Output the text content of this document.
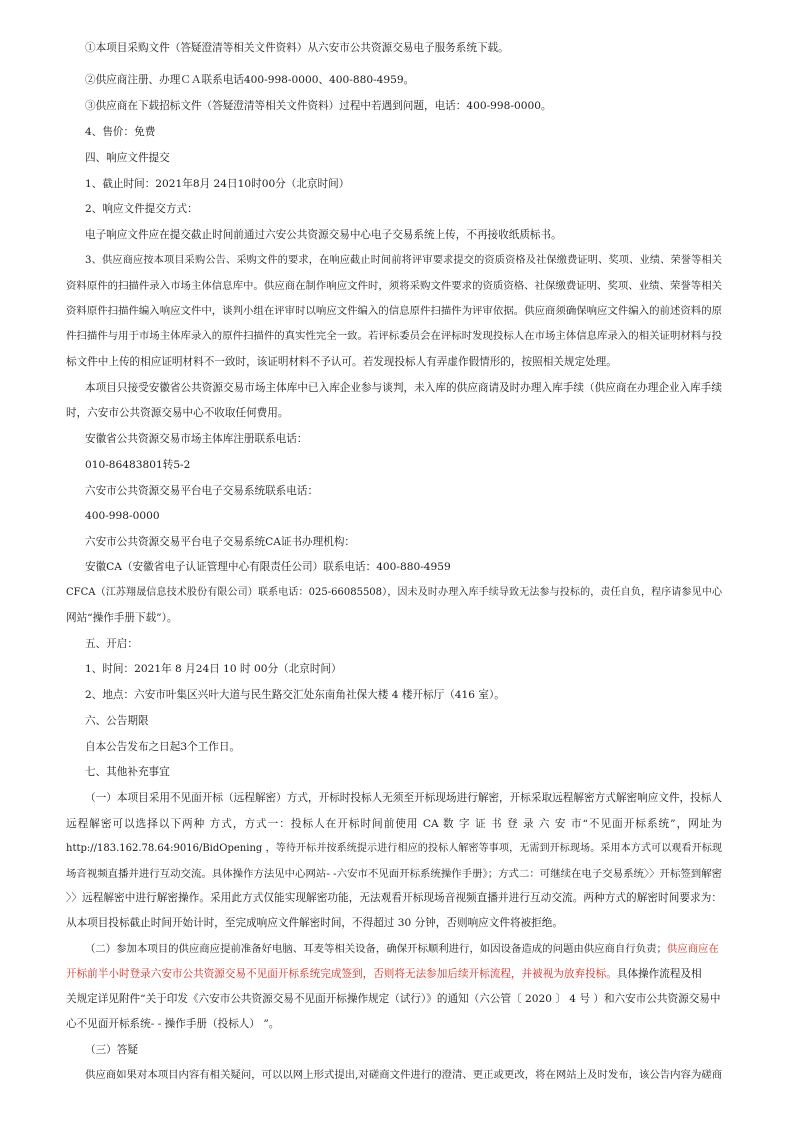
①本项目采购文件（答疑澄清等相关文件资料）从六安市公共资源交易电子服务系统下载。
②供应商注册、办理ＣＡ联系电话400-998-0000、400-880-4959。
③供应商在下载招标文件（答疑澄清等相关文件资料）过程中若遇到问题，电话：400-998-0000。
4、售价：免费
四、响应文件提交
1、截止时间：2021年8月 24日10时00分（北京时间）
2、响应文件提交方式：
电子响应文件应在提交截止时间前通过六安公共资源交易中心电子交易系统上传，不再接收纸质标书。
3、供应商应按本项目采购公告、采购文件的要求，在响应截止时间前将评审要求提交的资质资格及社保缴费证明、奖项、业绩、荣誉等相关
资料原件的扫描件录入市场主体信息库中。供应商在制作响应文件时，须将采购文件要求的资质资格、社保缴费证明、奖项、业绩、荣誉等相关
资料原件扫描件编入响应文件中，谈判小组在评审时以响应文件编入的信息原件扫描件为评审依据。供应商须确保响应文件编入的前述资料的原
件扫描件与用于市场主体库录入的原件扫描件的真实性完全一致。若评标委员会在评标时发现投标人在市场主体信息库录入的相关证明材料与投
标文件中上传的相应证明材料不一致时，该证明材料不予认可。若发现投标人有弄虚作假情形的，按照相关规定处理。
本项目只接受安徽省公共资源交易市场主体库中已入库企业参与谈判，未入库的供应商请及时办理入库手续（供应商在办理企业入库手续
时，六安市公共资源交易中心不收取任何费用。
安徽省公共资源交易市场主体库注册联系电话：
010-86483801转5-2
六安市公共资源交易平台电子交易系统联系电话：
400-998-0000
六安市公共资源交易平台电子交易系统CA证书办理机构：
安徽CA（安徽省电子认证管理中心有限责任公司）联系电话：400-880-4959
CFCA（江苏翔晟信息技术股份有限公司）联系电话：025-66085508），因未及时办理入库手续导致无法参与投标的，责任自负，程序请参见中心
网站“操作手册下载”）。
五、开启：
1、时间：2021年 8 月24日 10 时 00分（北京时间）
2、地点：六安市叶集区兴叶大道与民生路交汇处东南角社保大楼 4 楼开标厅（416 室）。
六、公告期限
自本公告发布之日起3个工作日。
七、其他补充事宜
（一）本项目采用不见面开标（远程解密）方式，开标时投标人无须至开标现场进行解密，开标采取远程解密方式解密响应文件，投标人
远程解密可以选择以下两种 方式，方式一：投标人在开标时间前使用 CA 数 字 证 书 登 录 六 安 市“不见面开标系统”，网址为
http://183.162.78.64:9016/BidOpening ，等待开标并按系统提示进行相应的投标人解密等事项，无需到开标现场。采用本方式可以观看开标现
场音视频直播并进行互动交流。具体操作方法见中心网站- -六安市不见面开标系统操作手册》；方式二：可继续在电子交易系统〉〉开标签到解密
〉〉远程解密中进行解密操作。采用此方式仅能实现解密功能，无法观看开标现场音视频直播并进行互动交流。两种方式的解密时间要求为：
从本项目投标截止时间开始计时，至完成响应文件解密时间，不得超过 30 分钟，否则响应文件将被拒绝。
（二）参加本项目的供应商应提前准备好电脑、耳麦等相关设备，确保开标顺利进行，如因设备造成的问题由供应商自行负责；供应商应在
开标前半小时登录六安市公共资源交易不见面开标系统完成签到，否则将无法参加后续开标流程，并被视为放弃投标。具体操作流程及相
关规定详见附件“关于印发《六安市公共资源交易不见面开标操作规定（试行）》的通知（六公管〔 2020 〕 4 号 ）和六安市公共资源交易中
心不见面开标系统- - 操作手册（投标人） ”。
（三）答疑
供应商如果对本项目内容有相关疑问，可以以网上形式提出,对磋商文件进行的澄清、更正或更改，将在网站上及时发布，该公告内容为磋商
